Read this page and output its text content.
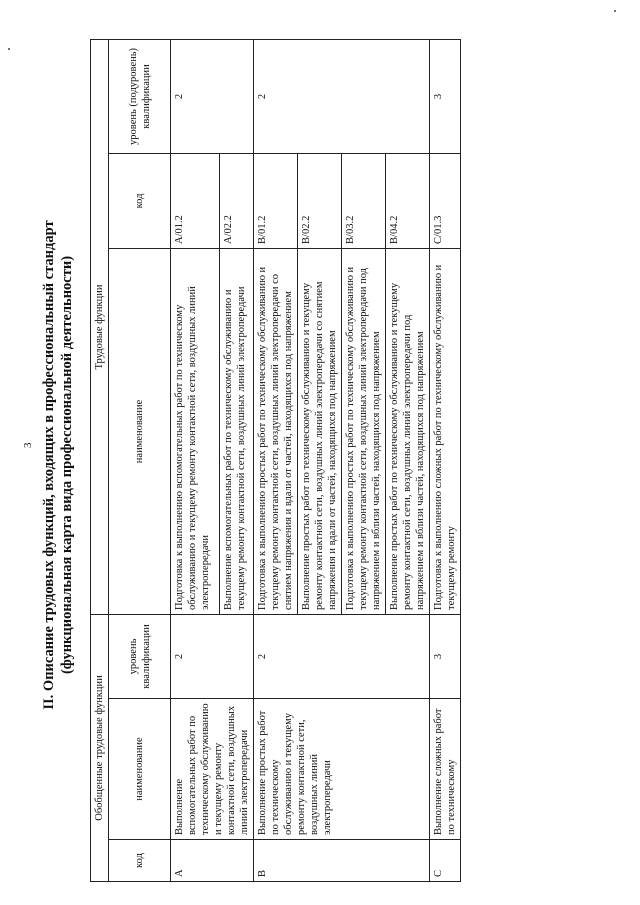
3 II. Описание трудовых функций, входящих в профессиональный стандарт (функциональная карта вида профессиональной деятельности)
Обобщенные трудовые функции			Трудовые функции		
код	наименование	уровень квалификации	наименование	код	уровень (подуровень) квалификации
A	Выполнение вспомогательных работ по техническому обслуживанию и текущему ремонту контактной сети, воздушных линий электропередачи	2	Подготовка к выполнению вспомогательных работ по техническому обслуживанию и текущему ремонту контактной сети, воздушных линий электропередачи	A/01.2	2
			Выполнение вспомогательных работ по техническому обслуживанию и текущему ремонту контактной сети, воздушных линий электропередачи	A/02.2	
B	Выполнение простых работ по техническому обслуживанию и текущему ремонту контактной сети, воздушных линий электропередачи	2	Подготовка к выполнению простых работ по техническому обслуживанию и текущему ремонту контактной сети, воздушных линий электропередачи со снятием напряжения и вдали от частей, находящихся под напряжением	B/01.2	2
			Выполнение простых работ по техническому обслуживанию и текущему ремонту контактной сети, воздушных линий электропередачи со снятием напряжения и вдали от частей, находящихся под напряжением	B/02.2	
			Подготовка к выполнению простых работ по техническому обслуживанию и текущему ремонту контактной сети, воздушных линий электропередачи под напряжением и вблизи частей, находящихся под напряжением	B/03.2	
			Выполнение простых работ по техническому обслуживанию и текущему ремонту контактной сети, воздушных линий электропередачи под напряжением и вблизи частей, находящихся под напряжением	B/04.2	
C	Выполнение сложных работ по техническому	3	Подготовка к выполнению сложных работ по техническому обслуживанию и текущему ремонту	C/01.3	3
